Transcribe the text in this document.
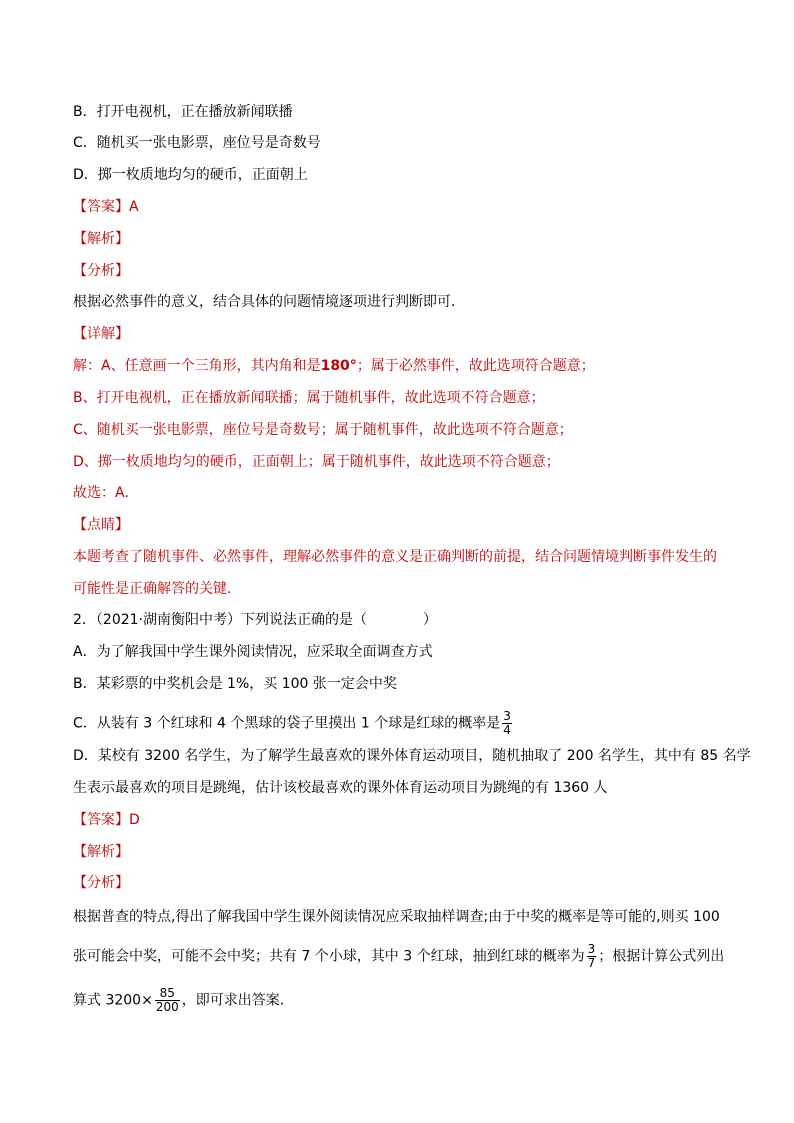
B．打开电视机，正在播放新闻联播
C．随机买一张电影票，座位号是奇数号
D．掷一枚质地均匀的硬币，正面朝上
【答案】A
【解析】
【分析】
根据必然事件的意义，结合具体的问题情境逐项进行判断即可．
【详解】
解：A、任意画一个三角形，其内角和是180°；属于必然事件，故此选项符合题意；
B、打开电视机，正在播放新闻联播；属于随机事件，故此选项不符合题意；
C、随机买一张电影票，座位号是奇数号；属于随机事件，故此选项不符合题意；
D、掷一枚质地均匀的硬币，正面朝上；属于随机事件，故此选项不符合题意；
故选：A．
【点睛】
本题考查了随机事件、必然事件，理解必然事件的意义是正确判断的前提，结合问题情境判断事件发生的
可能性是正确解答的关键．
2．（2021·湖南衡阳中考）下列说法正确的是（　　　　）
A．为了解我国中学生课外阅读情况，应采取全面调查方式
B．某彩票的中奖机会是 1%，买 100 张一定会中奖
C．从装有 3 个红球和 4 个黑球的袋子里摸出 1 个球是红球的概率是 $\frac{3}{4}$
D．某校有 3200 名学生，为了解学生最喜欢的课外体育运动项目，随机抽取了 200 名学生，其中有 85 名学
生表示最喜欢的项目是跳绳，估计该校最喜欢的课外体育运动项目为跳绳的有 1360 人
【答案】D
【解析】
【分析】
根据普查的特点,得出了解我国中学生课外阅读情况应采取抽样调查;由于中奖的概率是等可能的,则买 100
张可能会中奖，可能不会中奖；共有 7 个小球，其中 3 个红球，抽到红球的概率为 $\frac{3}{7}$ ；根据计算公式列出
算式 $3200\times \frac{85}{200}$ ，即可求出答案．
